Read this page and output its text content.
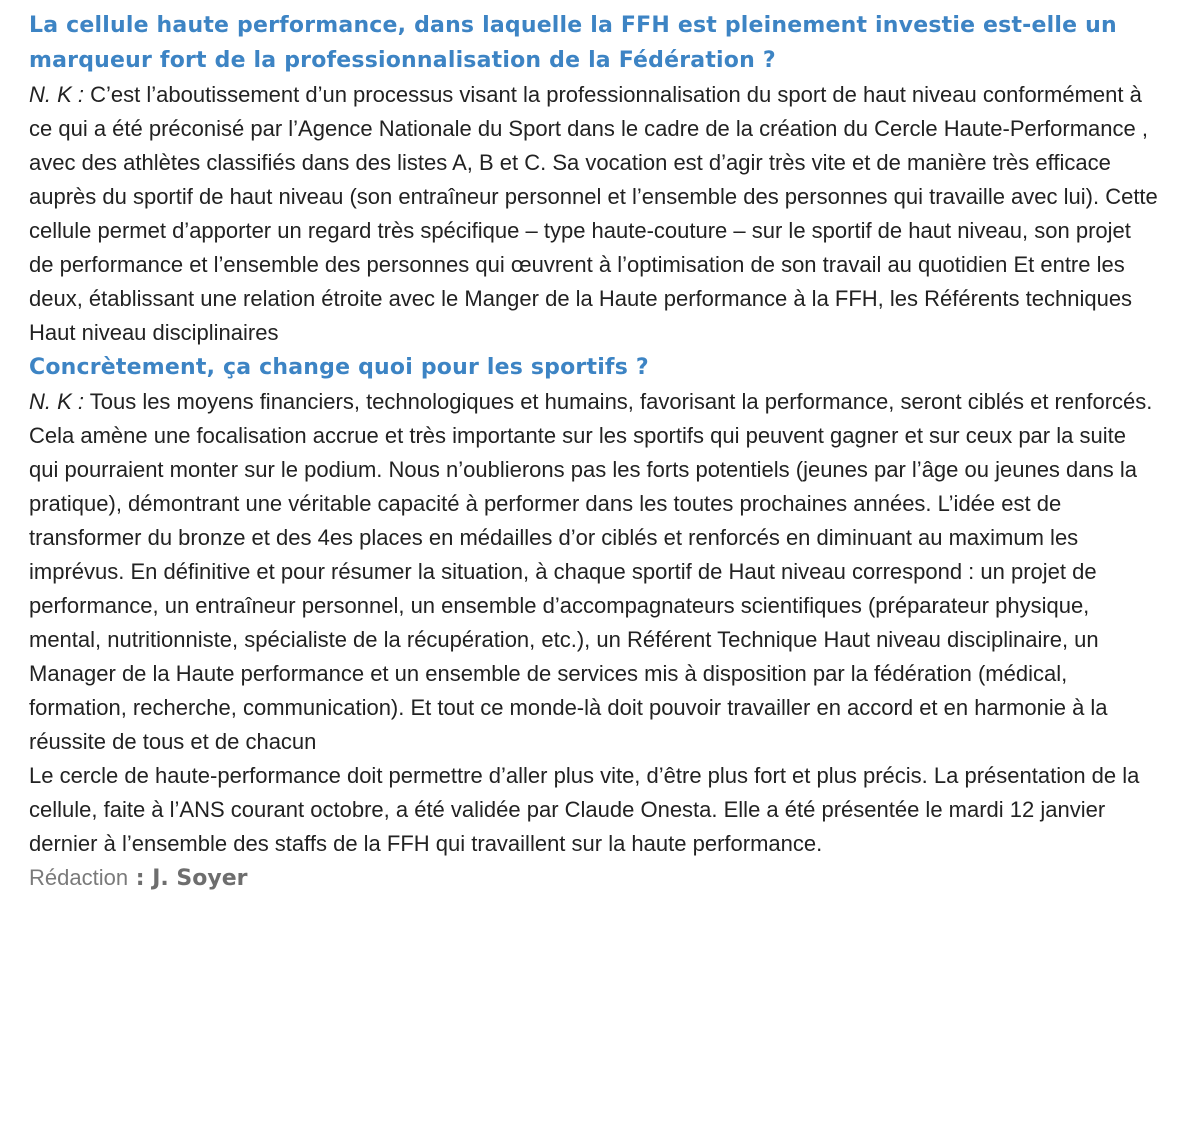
La cellule haute performance, dans laquelle la FFH est pleinement investie est-elle un marqueur fort de la professionnalisation de la Fédération ?

N. K : C’est l’aboutissement d’un processus visant la professionnalisation du sport de haut niveau conformément à ce qui a été préconisé par l’Agence Nationale du Sport dans le cadre de la création du Cercle Haute-Performance , avec des athlètes classifiés dans des listes A, B et C. Sa vocation est d’agir très vite et de manière très efficace auprès du sportif de haut niveau (son entraîneur personnel et l’ensemble des personnes qui travaille avec lui). Cette cellule permet d’apporter un regard très spécifique – type haute-couture – sur le sportif de haut niveau, son projet de performance et l’ensemble des personnes qui œuvrent à l’optimisation de son travail au quotidien Et entre les deux, établissant une relation étroite avec le Manger de la Haute performance à la FFH, les Référents techniques Haut niveau disciplinaires

Concrètement, ça change quoi pour les sportifs ?

N. K : Tous les moyens financiers, technologiques et humains, favorisant la performance, seront ciblés et renforcés. Cela amène une focalisation accrue et très importante sur les sportifs qui peuvent gagner et sur ceux par la suite qui pourraient monter sur le podium. Nous n’oublierons pas les forts potentiels (jeunes par l’âge ou jeunes dans la pratique), démontrant une véritable capacité à performer dans les toutes prochaines années. L’idée est de transformer du bronze et des 4es places en médailles d’or ciblés et renforcés en diminuant au maximum les imprévus. En définitive et pour résumer la situation, à chaque sportif de Haut niveau correspond : un projet de performance, un entraîneur personnel, un ensemble d’accompagnateurs scientifiques (préparateur physique, mental, nutritionniste, spécialiste de la récupération, etc.), un Référent Technique Haut niveau disciplinaire, un Manager de la Haute performance et un ensemble de services mis à disposition par la fédération (médical, formation, recherche, communication). Et tout ce monde-là doit pouvoir travailler en accord et en harmonie à la réussite de tous et de chacun

Le cercle de haute-performance doit permettre d’aller plus vite, d’être plus fort et plus précis. La présentation de la cellule, faite à l’ANS courant octobre, a été validée par Claude Onesta. Elle a été présentée le mardi 12 janvier dernier à l’ensemble des staffs de la FFH qui travaillent sur la haute performance.

Rédaction : J. Soyer
